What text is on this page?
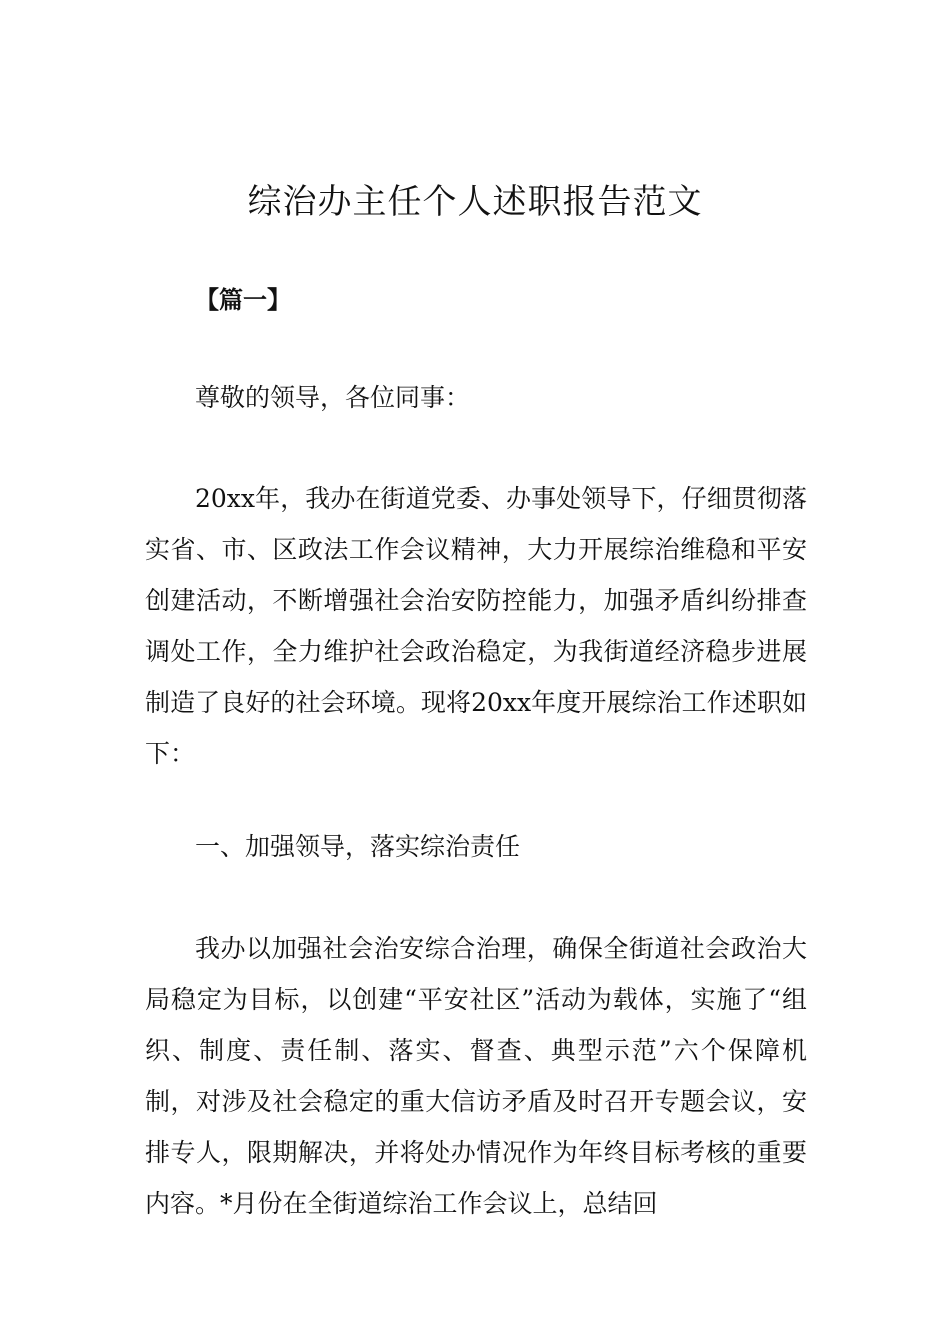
综治办主任个人述职报告范文
【篇一】
尊敬的领导，各位同事：

20xx年，我办在街道党委、办事处领导下，仔细贯彻落实省、市、区政法工作会议精神，大力开展综治维稳和平安创建活动，不断增强社会治安防控能力，加强矛盾纠纷排查调处工作，全力维护社会政治稳定，为我街道经济稳步进展制造了良好的社会环境。现将20xx年度开展综治工作述职如下：

一、加强领导，落实综治责任

我办以加强社会治安综合治理，确保全街道社会政治大局稳定为目标，以创建“平安社区”活动为载体，实施了“组织、制度、责任制、落实、督查、典型示范”六个保障机制，对涉及社会稳定的重大信访矛盾及时召开专题会议，安排专人，限期解决，并将处办情况作为年终目标考核的重要内容。*月份在全街道综治工作会议上，总结回
